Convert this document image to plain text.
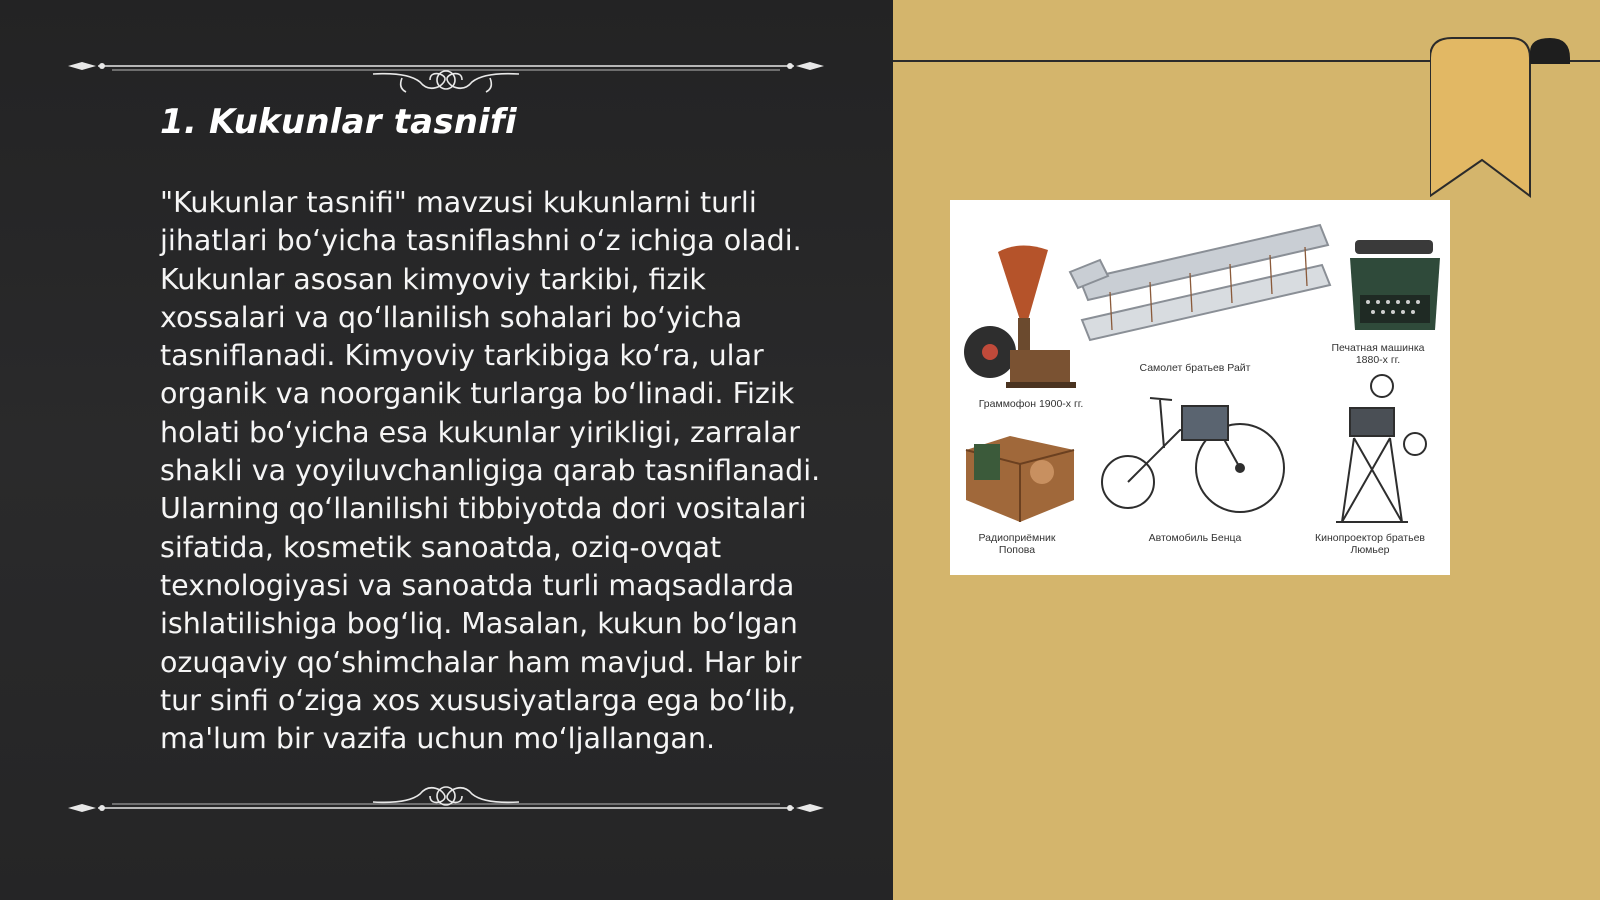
1. Kukunlar tasnifi

"Kukunlar tasnifi" mavzusi kukunlarni turli jihatlari bo‘yicha tasniflashni o‘z ichiga oladi. Kukunlar asosan kimyoviy tarkibi, fizik xossalari va qo‘llanilish sohalari bo‘yicha tasniflanadi. Kimyoviy tarkibiga ko‘ra, ular organik va noorganik turlarga bo‘linadi. Fizik holati bo‘yicha esa kukunlar yirikligi, zarralar shakli va yoyiluvchanligiga qarab tasniflanadi. Ularning qo‘llanilishi tibbiyotda dori vositalari sifatida, kosmetik sanoatda, oziq-ovqat texnologiyasi va sanoatda turli maqsadlarda ishlatilishiga bog‘liq. Masalan, kukun bo‘lgan ozuqaviy qo‘shimchalar ham mavjud. Har bir tur sinfi o‘ziga xos xususiyatlarga ega bo‘lib, ma'lum bir vazifa uchun mo‘ljallangan.

Граммофон 1900-х гг.
Самолет братьев Райт
Печатная машинка 1880-х гг.
Радиоприёмник Попова
Автомобиль Бенца	Кинопроектор братьев Люмьер
